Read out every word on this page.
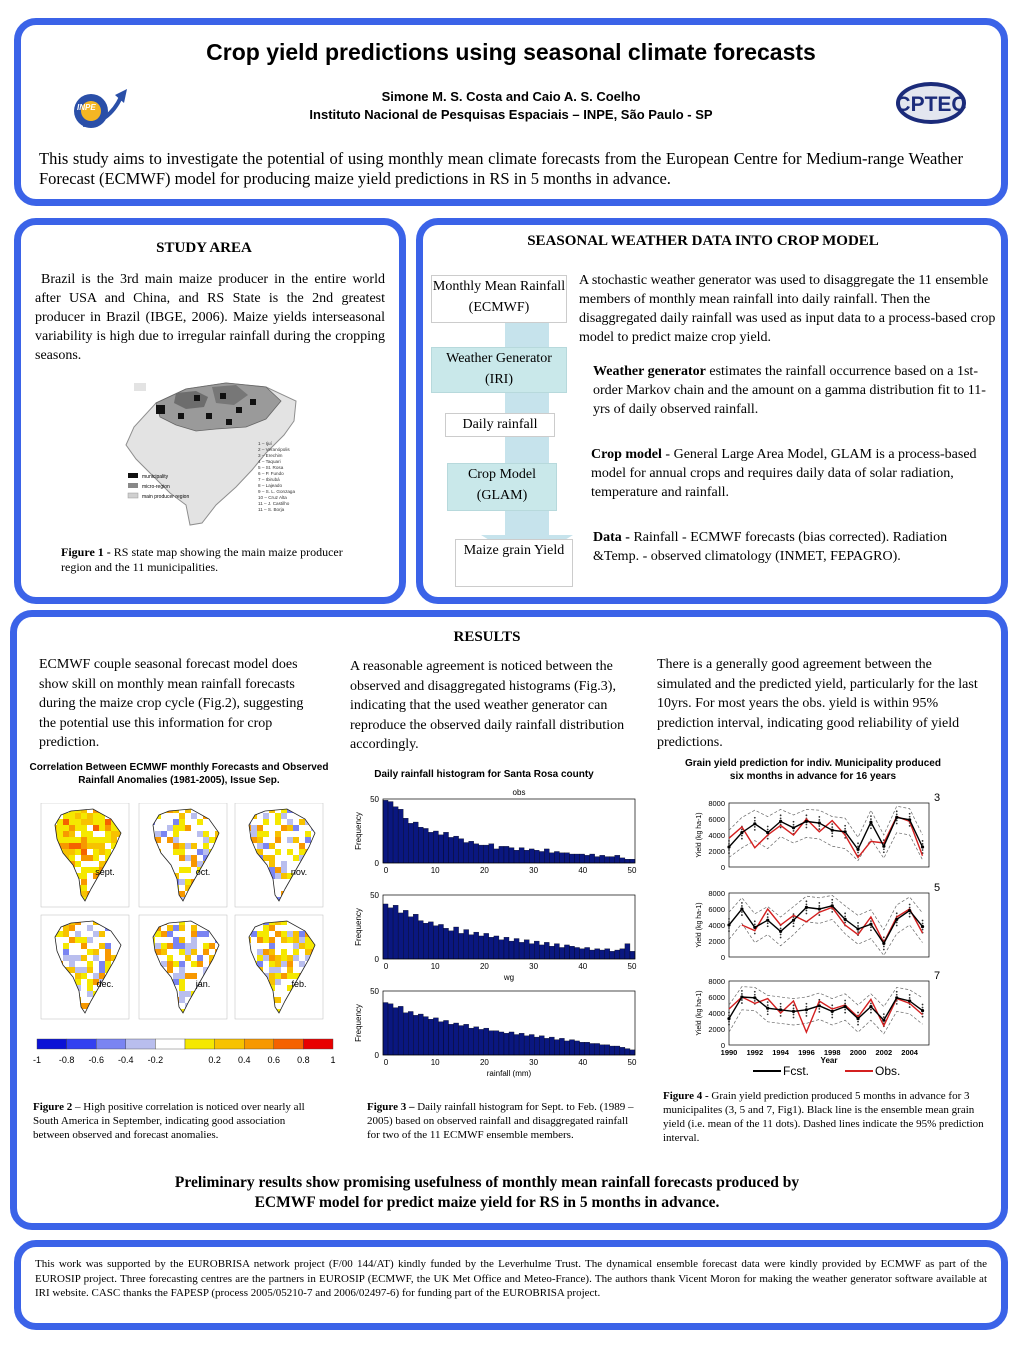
Crop yield predictions using seasonal climate forecasts
INPE	CPTEC
Simone M. S. Costa and Caio A. S. Coelho
Instituto Nacional de Pesquisas Espaciais – INPE, São Paulo - SP
This study aims to investigate the potential of using monthly mean climate forecasts from the European Centre for Medium-range Weather Forecast (ECMWF) model for producing maize yield predictions in RS in 5 months in advance.
STUDY AREA
Brazil is the 3rd main maize producer in the entire world after USA and China, and RS State is the 2nd greatest producer in Brazil (IBGE, 2006). Maize yields interseasonal variability is high due to irregular rainfall during the cropping seasons.
municipality
micro-region
main producer region
1 – Ijuí
2 – Veranópolis
3 – Erechim
4 – Taquari
5 – St. Rosa
6 – P. Fundo
7 – Ibirubá
8 – Lajeado
9 – S. L. Gonzaga
10 – Cruz Alta
11 – J. Castilho
11 – S. Borja
Figure 1 - RS state map showing the main maize producer region and the 11 municipalities.
SEASONAL WEATHER DATA INTO CROP MODEL
Monthly Mean Rainfall (ECMWF)
Weather Generator (IRI)
Daily rainfall
Crop Model (GLAM)
Maize grain Yield
A stochastic weather generator was used to disaggregate the 11 ensemble members of monthly mean rainfall into daily rainfall. Then the disaggregated daily rainfall was used as input data to a process-based crop model to predict maize crop yield.
Weather generator estimates the rainfall occurrence based on a 1st-order Markov chain and the amount on a gamma distribution fit to 11-yrs of daily observed rainfall.
Crop model - General Large Area Model, GLAM is a process-based model for annual crops and requires daily data of solar radiation, temperature and rainfall.
Data - Rainfall - ECMWF forecasts (bias corrected). Radiation &Temp. - observed climatology (INMET, FEPAGRO).
RESULTS
ECMWF couple seasonal forecast model does show skill on monthly mean rainfall forecasts during the maize crop cycle (Fig.2), suggesting the potential use this information for crop prediction.
A reasonable agreement is noticed between the observed and disaggregated histograms (Fig.3), indicating that the used weather generator can reproduce the observed daily rainfall distribution accordingly.
There is a generally good agreement between the simulated and the predicted yield, particularly for the last 10yrs. For most years the obs. yield is within 95% prediction interval, indicating good reliability of yield predictions.
Correlation Between ECMWF monthly Forecasts and Observed Rainfall Anomalies (1981-2005), Issue Sep.
sept.	oct.	nov.
dec.	jan.	feb.
-1 -0.8 -0.6 -0.4 -0.2	0.2 0.4 0.6 0.8 1
Figure 2 – High positive correlation is noticed over nearly all South America in September, indicating good association between observed and forecast anomalies.
Daily rainfall histogram for Santa Rosa county
obs
0
50
0	10	20	30	40	50
Frequency
0
50
0	10	20	30	40	50
Frequency
wg
0
50
0	10	20	30	40	50
Frequency
rainfall (mm)
Figure 3 – Daily rainfall histogram for Sept. to Feb. (1989 – 2005) based on observed rainfall and disaggregated rainfall for two of the 11 ECMWF ensemble members.
Grain yield prediction for indiv. Municipality produced six months in advance for 16 years
0
2000
4000
6000
8000	3
Yield (kg ha-1)
0
2000
4000
6000
8000	5
Yield (kg ha-1)
0
2000
4000
6000
8000	7
Yield (kg ha-1)
1990 1992 1994 1996 1998 2000 2002 2004
Year
Fcst.	Obs.
Figure 4 - Grain yield prediction produced 5 months in advance for 3 municipalites (3, 5 and 7, Fig1). Black line is the ensemble mean grain yield (i.e. mean of the 11 dots). Dashed lines indicate the 95% prediction interval.
Preliminary results show promising usefulness of monthly mean rainfall forecasts produced by ECMWF model for predict maize yield for RS in 5 months in advance.
This work was supported by the EUROBRISA network project (F/00 144/AT) kindly funded by the Leverhulme Trust. The dynamical ensemble forecast data were kindly provided by ECMWF as part of the EUROSIP project. Three forecasting centres are the partners in EUROSIP (ECMWF, the UK Met Office and Meteo-France). The authors thank Vicent Moron for making the weather generator software available at IRI website. CASC thanks the FAPESP (process 2005/05210-7 and 2006/02497-6) for funding part of the EUROBRISA project.
